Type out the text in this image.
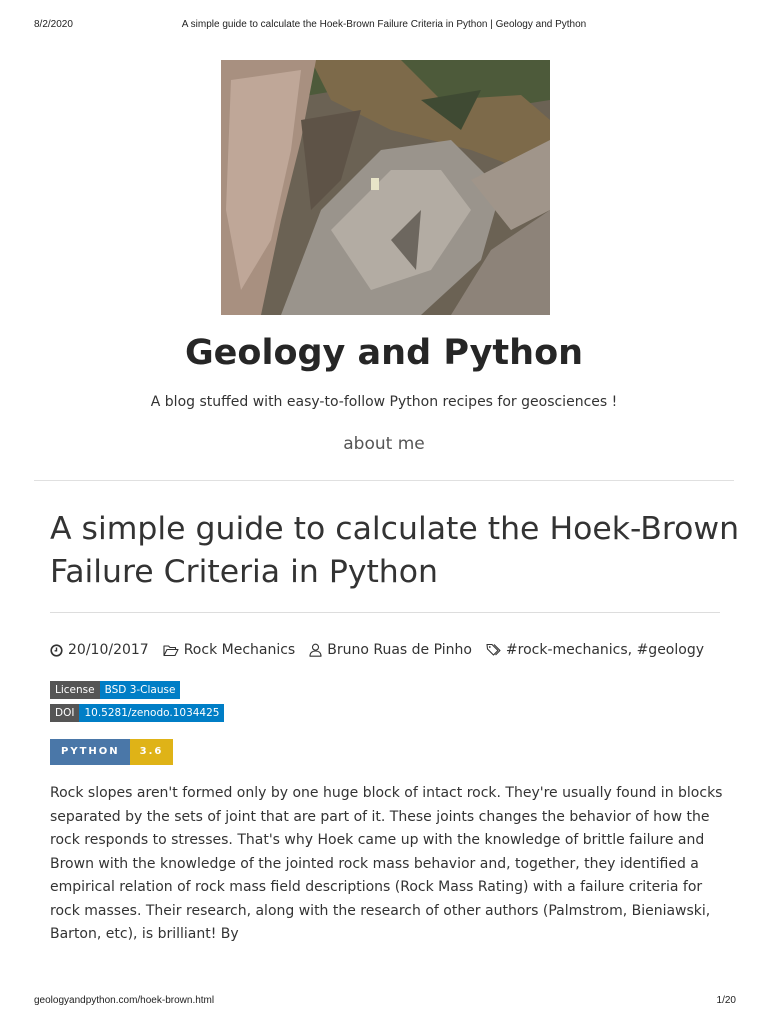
8/2/2020	A simple guide to calculate the Hoek-Brown Failure Criteria in Python | Geology and Python
Geology and Python
A blog stuffed with easy-to-follow Python recipes for geosciences !
about me
A simple guide to calculate the Hoek-Brown Failure Criteria in Python
20/10/2017	Rock Mechanics Bruno Ruas de Pinho #rock-mechanics, #geology
License BSD 3-Clause
DOI 10.5281/zenodo.1034425
PYTHON	3.6

Rock slopes aren't formed only by one huge block of intact rock. They're usually found in blocks separated by the sets of joint that are part of it. These joints changes the behavior of how the rock responds to stresses. That's why Hoek came up with the knowledge of brittle failure and Brown with the knowledge of the jointed rock mass behavior and, together, they identified a empirical relation of rock mass field descriptions (Rock Mass Rating) with a failure criteria for rock masses. Their research, along with the research of other authors (Palmstrom, Bieniawski, Barton, etc), is brilliant! By

geologyandpython.com/hoek-brown.html	1/20
